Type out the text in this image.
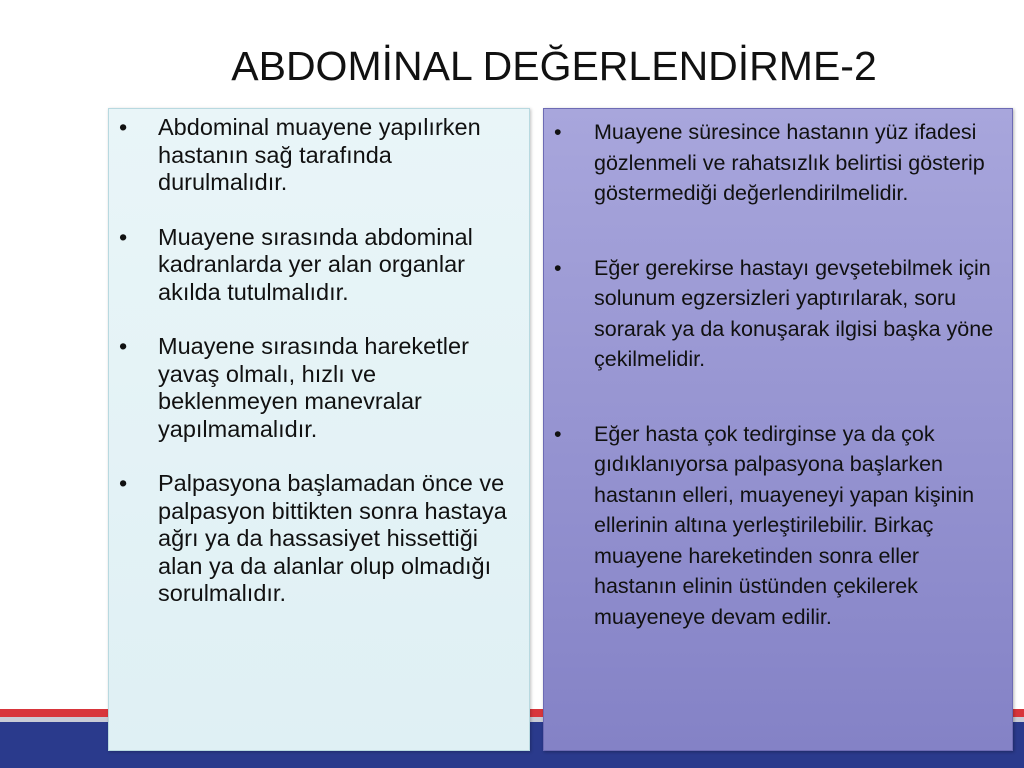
ABDOMİNAL DEĞERLENDİRME-2
• Abdominal muayene yapılırken hastanın sağ tarafında durulmalıdır.
• Muayene sırasında abdominal kadranlarda yer alan organlar akılda tutulmalıdır.
• Muayene sırasında hareketler yavaş olmalı, hızlı ve beklenmeyen manevralar yapılmamalıdır.
• Palpasyona başlamadan önce ve palpasyon bittikten sonra hastaya ağrı ya da hassasiyet hissettiği alan ya da alanlar olup olmadığı sorulmalıdır.
• Muayene süresince hastanın yüz ifadesi gözlenmeli ve rahatsızlık belirtisi gösterip göstermediği değerlendirilmelidir.
• Eğer gerekirse hastayı gevşetebilmek için solunum egzersizleri yaptırılarak, soru sorarak ya da konuşarak ilgisi başka yöne çekilmelidir.
• Eğer hasta çok tedirginse ya da çok gıdıklanıyorsa palpasyona başlarken hastanın elleri, muayeneyi yapan kişinin ellerinin altına yerleştirilebilir. Birkaç muayene hareketinden sonra eller hastanın elinin üstünden çekilerek muayeneye devam edilir.
